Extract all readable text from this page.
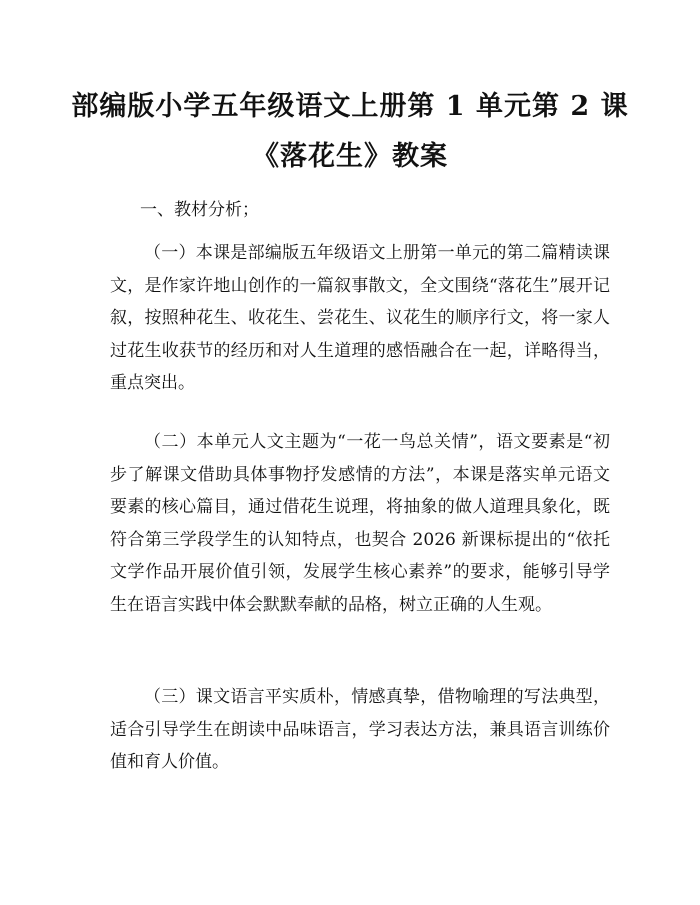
部编版小学五年级语文上册第 1 单元第 2 课
《落花生》教案

一、教材分析；

（一）本课是部编版五年级语文上册第一单元的第二篇精读课文，是作家许地山创作的一篇叙事散文，全文围绕“落花生”展开记叙，按照种花生、收花生、尝花生、议花生的顺序行文，将一家人过花生收获节的经历和对人生道理的感悟融合在一起，详略得当，重点突出。

（二）本单元人文主题为“一花一鸟总关情”，语文要素是“初步了解课文借助具体事物抒发感情的方法”，本课是落实单元语文要素的核心篇目，通过借花生说理，将抽象的做人道理具象化，既符合第三学段学生的认知特点，也契合 2026 新课标提出的“依托文学作品开展价值引领，发展学生核心素养”的要求，能够引导学生在语言实践中体会默默奉献的品格，树立正确的人生观。

（三）课文语言平实质朴，情感真挚，借物喻理的写法典型，适合引导学生在朗读中品味语言，学习表达方法，兼具语言训练价值和育人价值。
